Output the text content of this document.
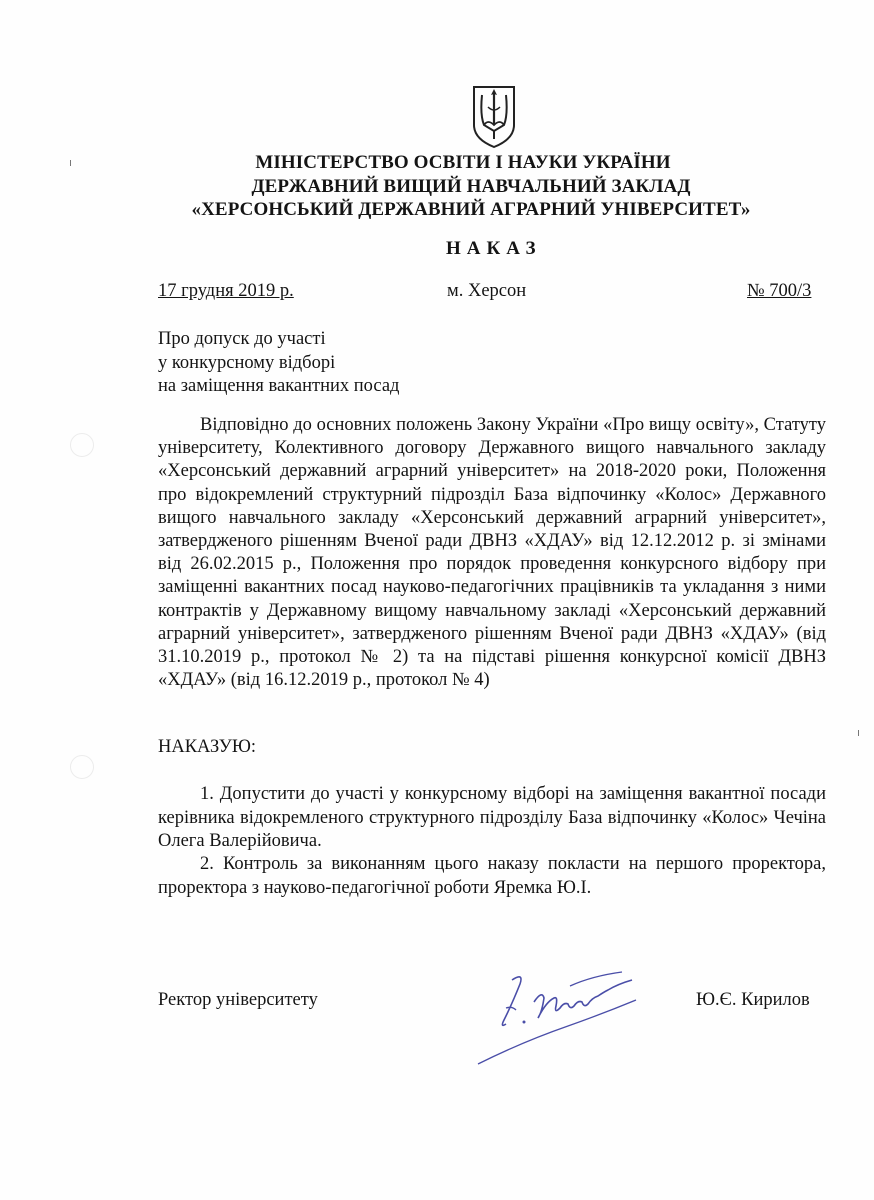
МІНІСТЕРСТВО ОСВІТИ І НАУКИ УКРАЇНИ
ДЕРЖАВНИЙ ВИЩИЙ НАВЧАЛЬНИЙ ЗАКЛАД
«ХЕРСОНСЬКИЙ ДЕРЖАВНИЙ АГРАРНИЙ УНІВЕРСИТЕТ»
НАКАЗ
17 грудня 2019 р.	м. Херсон	№ 700/3
Про допуск до участі
у конкурсному відборі
на заміщення вакантних посад
Відповідно до основних положень Закону України «Про вищу освіту», Статуту університету, Колективного договору Державного вищого навчального закладу «Херсонський державний аграрний університет» на 2018-2020 роки, Положення про відокремлений структурний підрозділ База відпочинку «Колос» Державного вищого навчального закладу «Херсонський державний аграрний університет», затвердженого рішенням Вченої ради ДВНЗ «ХДАУ» від 12.12.2012 р. зі змінами від 26.02.2015 р., Положення про порядок проведення конкурсного відбору при заміщенні вакантних посад науково-педагогічних працівників та укладання з ними контрактів у Державному вищому навчальному закладі «Херсонський державний аграрний університет», затвердженого рішенням Вченої ради ДВНЗ «ХДАУ» (від 31.10.2019 р., протокол № 2) та на підставі рішення конкурсної комісії ДВНЗ «ХДАУ» (від 16.12.2019 р., протокол № 4)
НАКАЗУЮ:
1. Допустити до участі у конкурсному відборі на заміщення вакантної посади керівника відокремленого структурного підрозділу База відпочинку «Колос» Чечіна Олега Валерійовича.
2. Контроль за виконанням цього наказу покласти на першого проректора, проректора з науково-педагогічної роботи Яремка Ю.І.
Ректор університету	Ю.Є. Кирилов
